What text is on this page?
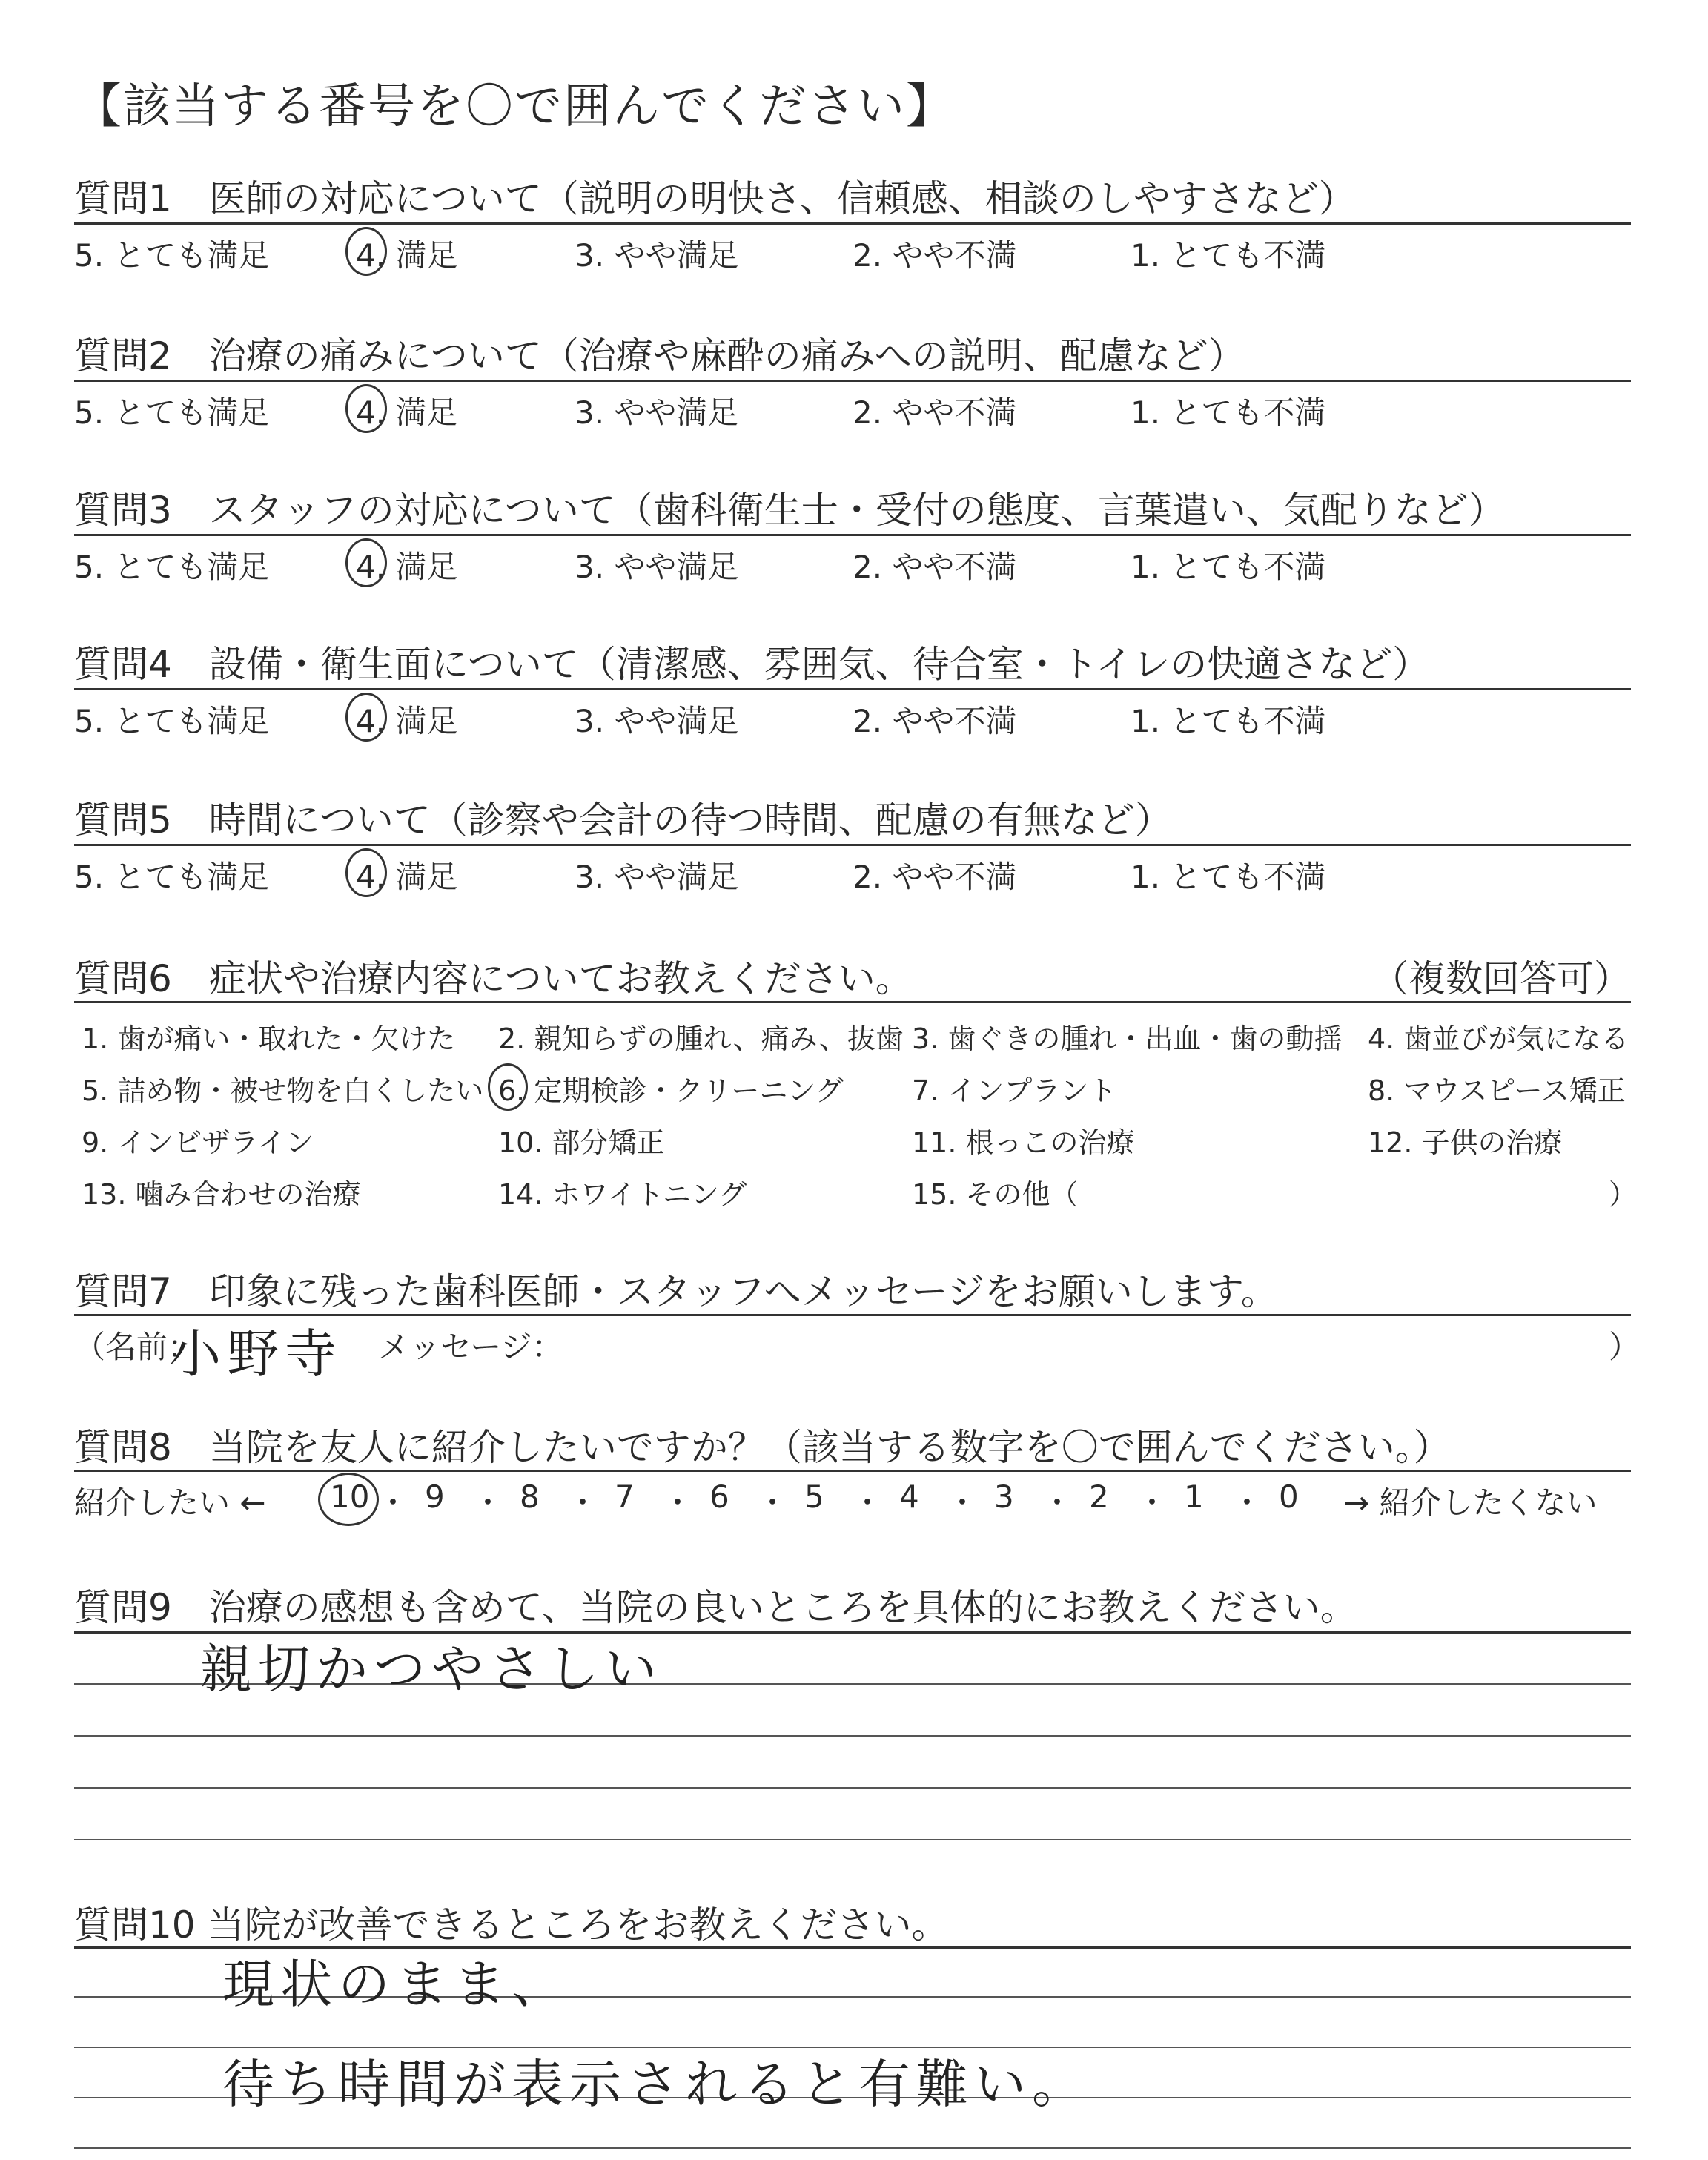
【該当する番号を〇で囲んでください】
質問1　医師の対応について（説明の明快さ、信頼感、相談のしやすさなど）
5. とても満足	4. 満足	3. やや満足	2. やや不満	1. とても不満
質問2　治療の痛みについて（治療や麻酔の痛みへの説明、配慮など）
5. とても満足	4. 満足	3. やや満足	2. やや不満	1. とても不満
質問3　スタッフの対応について（歯科衛生士・受付の態度、言葉遣い、気配りなど）
5. とても満足	4. 満足	3. やや満足	2. やや不満	1. とても不満
質問4　設備・衛生面について（清潔感、雰囲気、待合室・トイレの快適さなど）
5. とても満足	4. 満足	3. やや満足	2. やや不満	1. とても不満
質問5　時間について（診察や会計の待つ時間、配慮の有無など）
5. とても満足	4. 満足	3. やや満足	2. やや不満	1. とても不満
質問6　症状や治療内容についてお教えください。	（複数回答可）
1. 歯が痛い・取れた・欠けた 2. 親知らずの腫れ、痛み、抜歯 3. 歯ぐきの腫れ・出血・歯の動揺 4. 歯並びが気になる
5. 詰め物・被せ物を白くしたい 6. 定期検診・クリーニング 7. インプラント	8. マウスピース矯正
9. インビザライン	10. 部分矯正	11. 根っこの治療	12. 子供の治療
13. 噛み合わせの治療	14. ホワイトニング	15. その他（	）
質問7　印象に残った歯科医師・スタッフへメッセージをお願いします。
（名前：
小野寺 メッセージ：	）
質問8　当院を友人に紹介したいですか？（該当する数字を〇で囲んでください。）
紹介したい ← 10 ・ 9 ・ 8 ・ 7 ・ 6 ・ 5 ・ 4 ・ 3 ・ 2 ・ 1 ・ 0 → 紹介したくない
質問9　治療の感想も含めて、当院の良いところを具体的にお教えください。
親切かつやさしい
質問10 当院が改善できるところをお教えください。
現状のまま、
待ち時間が表示されると有難い。
